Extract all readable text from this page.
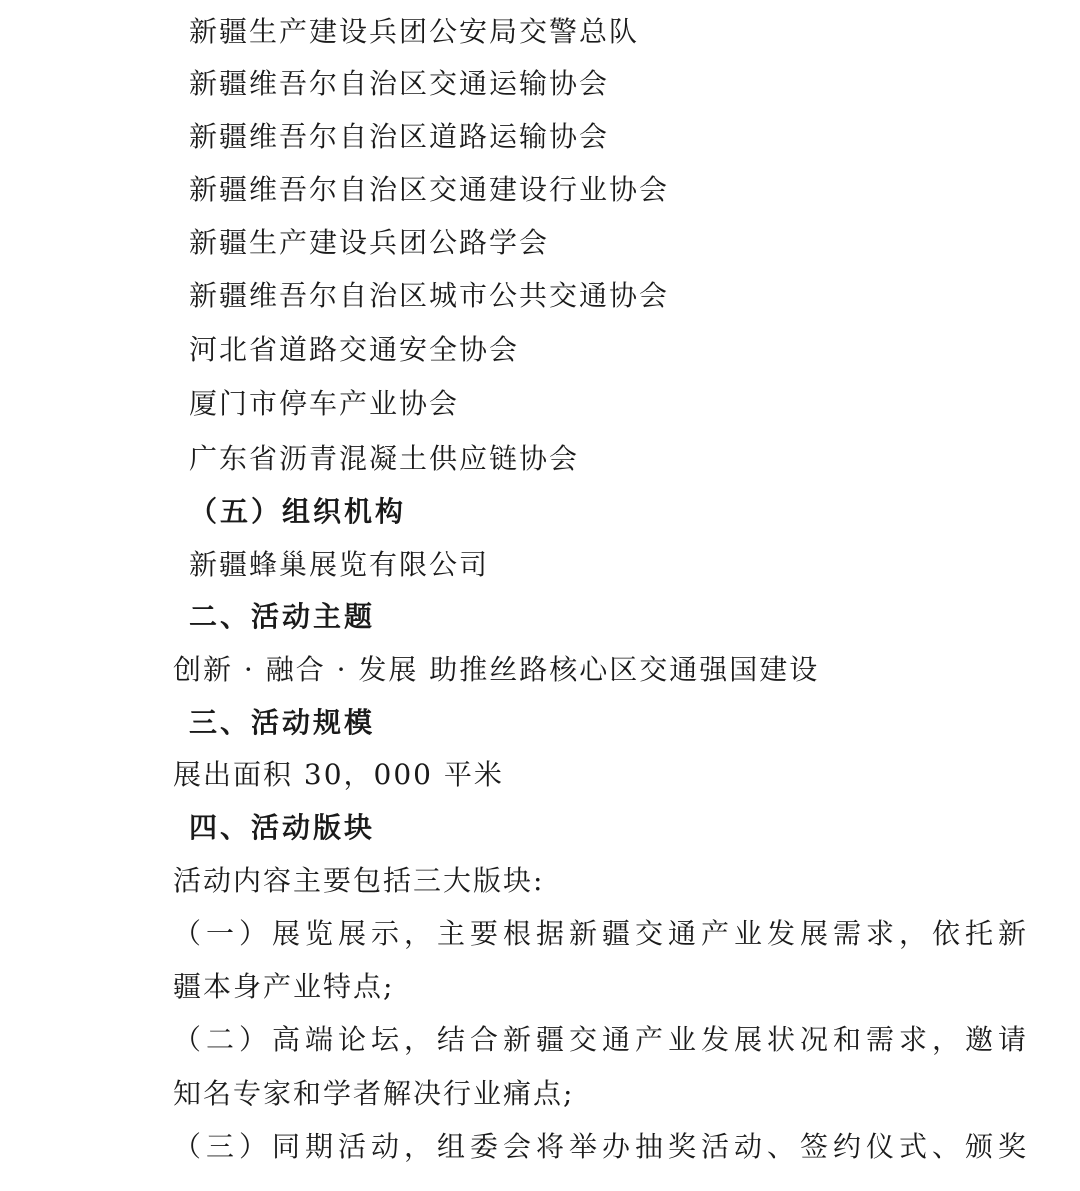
新疆生产建设兵团公安局交警总队
新疆维吾尔自治区交通运输协会
新疆维吾尔自治区道路运输协会
新疆维吾尔自治区交通建设行业协会
新疆生产建设兵团公路学会
新疆维吾尔自治区城市公共交通协会
河北省道路交通安全协会
厦门市停车产业协会
广东省沥青混凝土供应链协会
（五）组织机构
新疆蜂巢展览有限公司
二、活动主题
创新 · 融合 · 发展 助推丝路核心区交通强国建设
三、活动规模
展出面积 30，000 平米
四、活动版块
活动内容主要包括三大版块:
（一）展览展示，主要根据新疆交通产业发展需求，依托新
疆本身产业特点;
（二）高端论坛，结合新疆交通产业发展状况和需求，邀请
知名专家和学者解决行业痛点;
（三）同期活动，组委会将举办抽奖活动、签约仪式、颁奖
